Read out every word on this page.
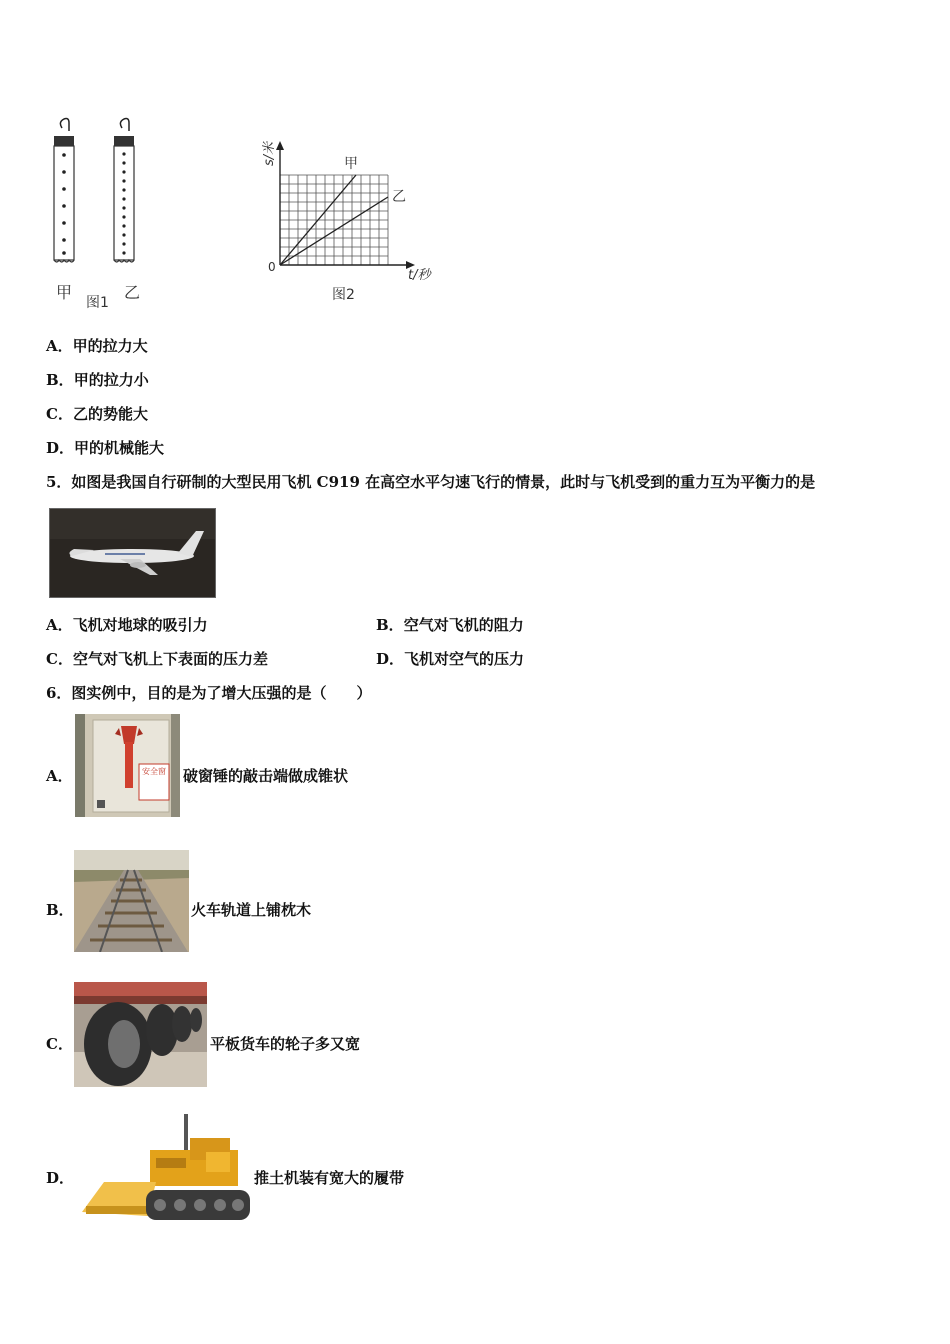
甲
图1
乙
s/米
0
t/秒
甲
乙
图2
A．甲的拉力大
B．甲的拉力小
C．乙的势能大
D．甲的机械能大
5．如图是我国自行研制的大型民用飞机 C919 在高空水平匀速飞行的情景，此时与飞机受到的重力互为平衡力的是
A．飞机对地球的吸引力	B．空气对飞机的阻力
C．空气对飞机上下表面的压力差	D．飞机对空气的压力
6．图实例中，目的是为了增大压强的是（　　）
A．	安全窗 破窗锤的敲击端做成锥状
B．	火车轨道上铺枕木
C．	平板货车的轮子多又宽
D．	推土机装有宽大的履带
